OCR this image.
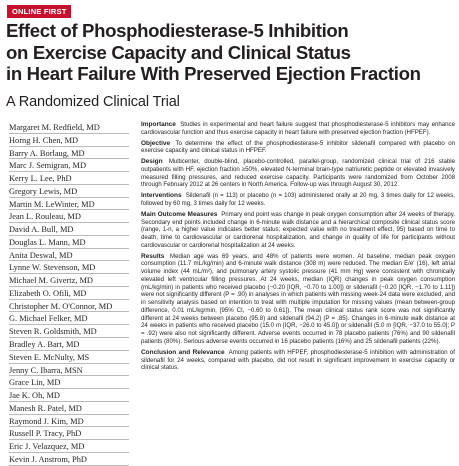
ONLINE FIRST
Effect of Phosphodiesterase-5 Inhibition
on Exercise Capacity and Clinical Status
in Heart Failure With Preserved Ejection Fraction
A Randomized Clinical Trial
Margaret M. Redfield, MD
Horng H. Chen, MD
Barry A. Borlaug, MD
Marc J. Semigran, MD
Kerry L. Lee, PhD
Gregory Lewis, MD
Martin M. LeWinter, MD
Jean L. Rouleau, MD
David A. Bull, MD
Douglas L. Mann, MD
Anita Deswal, MD
Lynne W. Stevenson, MD
Michael M. Givertz, MD
Elizabeth O. Ofili, MD
Christopher M. O'Connor, MD
G. Michael Felker, MD
Steven R. Goldsmith, MD
Bradley A. Bart, MD
Steven E. McNulty, MS
Jenny C. Ibarra, MSN
Grace Lin, MD
Jae K. Oh, MD
Manesh R. Patel, MD
Raymond J. Kim, MD
Russell P. Tracy, PhD
Eric J. Velazquez, MD
Kevin J. Anstrom, PhD

Importance Studies in experimental and heart failure suggest that phosphodiesterase-5 inhibitors may enhance cardiovascular function and thus exercise capacity in heart failure with preserved ejection fraction (HFPEF).

Objective To determine the effect of the phosphodiesterase-5 inhibitor sildenafil compared with placebo on exercise capacity and clinical status in HFPEF.

Design Multicenter, double-blind, placebo-controlled, parallel-group, randomized clinical trial of 216 stable outpatients with HF, ejection fraction ≥50%, elevated N-terminal brain-type natriuretic peptide or elevated invasively measured filling pressures, and reduced exercise capacity. Participants were randomized from October 2008 through February 2012 at 26 centers in North America. Follow-up was through August 30, 2012.

Interventions Sildenafil (n = 113) or placebo (n = 103) administered orally at 20 mg, 3 times daily for 12 weeks, followed by 60 mg, 3 times daily for 12 weeks.

Main Outcome Measures Primary end point was change in peak oxygen consumption after 24 weeks of therapy. Secondary end points included change in 6-minute walk distance and a hierarchical composite clinical status score (range, 1-n, a higher value indicates better status; expected value with no treatment effect, 95) based on time to death, time to cardiovascular or cardiorenal hospitalization, and change in quality of life for participants without cardiovascular or cardiorenal hospitalization at 24 weeks.

Results Median age was 69 years, and 48% of patients were women. At baseline, median peak oxygen consumption (11.7 mL/kg/min) and 6-minute walk distance (308 m) were reduced. The median E/e′ (16), left atrial volume index (44 mL/m²), and pulmonary artery systolic pressure (41 mm Hg) were consistent with chronically elevated left ventricular filling pressures. At 24 weeks, median (IQR) changes in peak oxygen consumption (mL/kg/min) in patients who received placebo (−0.20 [IQR, −0.70 to 1.00]) or sildenafil (−0.20 [IQR, −1.70 to 1.11]) were not significantly different (P = .90) in analyses in which patients with missing week-24 data were excluded, and in sensitivity analysis based on intention to treat with multiple imputation for missing values (mean between-group difference, 0.01 mL/kg/min, [95% CI, −0.60 to 0.61]). The mean clinical status rank score was not significantly different at 24 weeks between placebo (95.8) and sildenafil (94.2) (P = .85). Changes in 6-minute walk distance at 24 weeks in patients who received placebo (15.0 m [IQR, −26.0 to 45.0]) or sildenafil (5.0 m [IQR, −37.0 to 55.0]; P = .92) were also not significantly different. Adverse events occurred in 78 placebo patients (76%) and 90 sildenafil patients (80%). Serious adverse events occurred in 16 placebo patients (16%) and 25 sildenafil patients (22%).

Conclusion and Relevance Among patients with HFPEF, phosphodiesterase-5 inhibition with administration of sildenafil for 24 weeks, compared with placebo, did not result in significant improvement in exercise capacity or clinical status.
